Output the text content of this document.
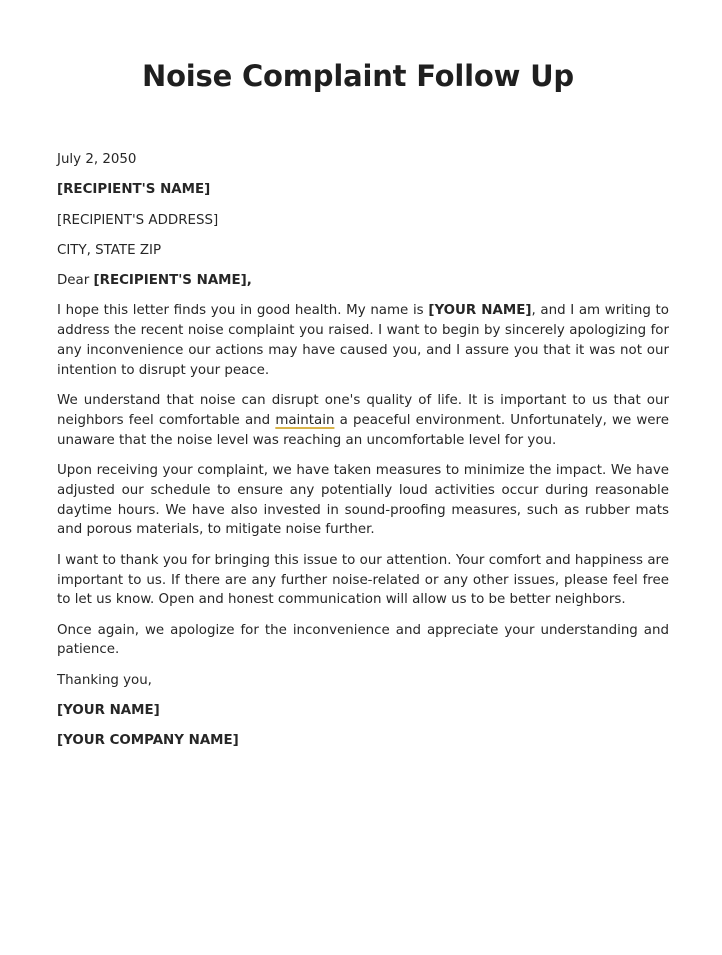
Noise Complaint Follow Up
July 2, 2050
[RECIPIENT'S NAME]
[RECIPIENT'S ADDRESS]
CITY, STATE ZIP
Dear [RECIPIENT'S NAME],

I hope this letter finds you in good health. My name is [YOUR NAME], and I am writing to address the recent noise complaint you raised. I want to begin by sincerely apologizing for any inconvenience our actions may have caused you, and I assure you that it was not our intention to disrupt your peace.

We understand that noise can disrupt one's quality of life. It is important to us that our neighbors feel comfortable and maintain a peaceful environment. Unfortunately, we were unaware that the noise level was reaching an uncomfortable level for you.

Upon receiving your complaint, we have taken measures to minimize the impact. We have adjusted our schedule to ensure any potentially loud activities occur during reasonable daytime hours. We have also invested in sound-proofing measures, such as rubber mats and porous materials, to mitigate noise further.

I want to thank you for bringing this issue to our attention. Your comfort and happiness are important to us. If there are any further noise-related or any other issues, please feel free to let us know. Open and honest communication will allow us to be better neighbors.

Once again, we apologize for the inconvenience and appreciate your understanding and patience.

Thanking you,
[YOUR NAME]
[YOUR COMPANY NAME]
